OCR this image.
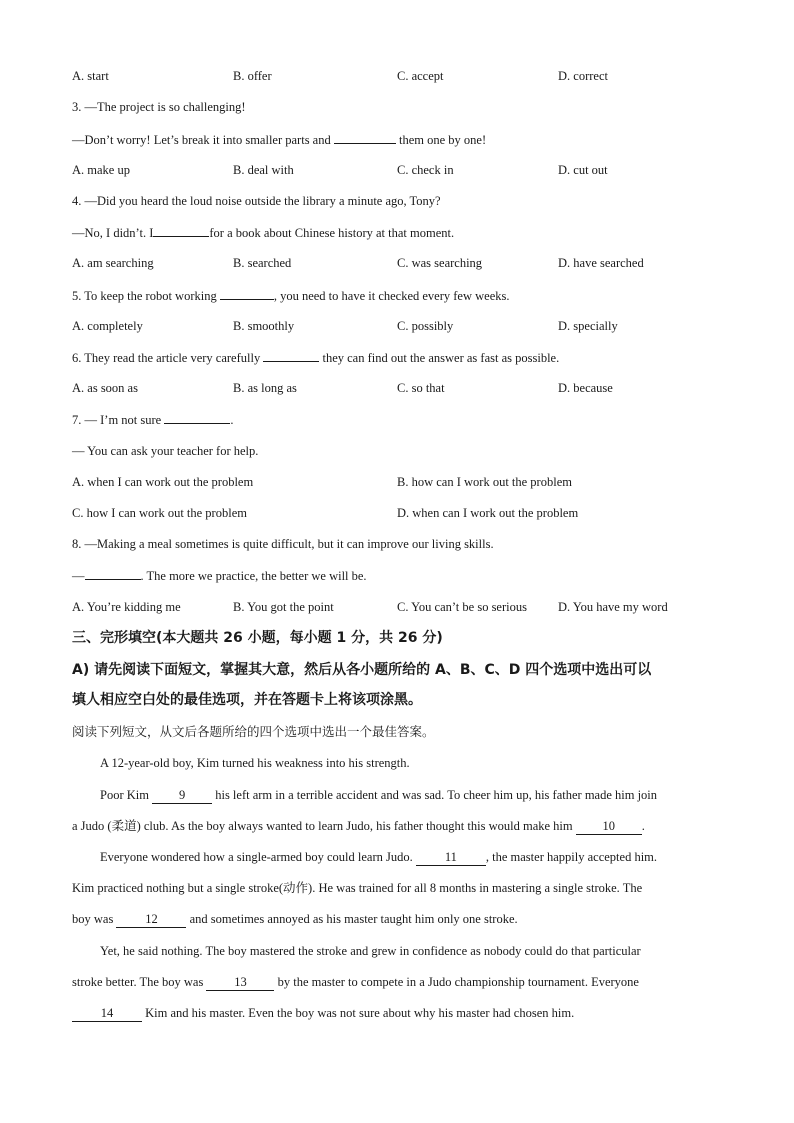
A. start	B. offer	C. accept	D. correct
3. —The project is so challenging!
—Don’t worry! Let’s break it into smaller parts and	them one by one!
A. make up	B. deal with	C. check in	D. cut out
4. —Did you heard the loud noise outside the library a minute ago, Tony?
—No, I didn’t. I	for a book about Chinese history at that moment.
A. am searching	B. searched	C. was searching	D. have searched
5. To keep the robot working	, you need to have it checked every few weeks.
A. completely	B. smoothly	C. possibly	D. specially
6. They read the article very carefully	they can find out the answer as fast as possible.
A. as soon as	B. as long as	C. so that	D. because
7. — I’m not sure	.
— You can ask your teacher for help.
A. when I can work out the problem	B. how can I work out the problem
C. how I can work out the problem	D. when can I work out the problem
8. —Making a meal sometimes is quite difficult, but it can improve our living skills.
—	. The more we practice, the better we will be.
A. You’re kidding me	B. You got the point	C. You can’t be so serious D. You have my word
三、完形填空(本大题共 26 小题，每小题 1 分，共 26 分)
A) 请先阅读下面短文，掌握其大意，然后从各小题所给的 A、B、C、D 四个选项中选出可以
填人相应空白处的最佳选项，并在答题卡上将该项涂黑。
阅读下列短文，从文后各题所给的四个选项中选出一个最佳答案。
A 12-year-old boy, Kim turned his weakness into his strength.
Poor Kim 9 his left arm in a terrible accident and was sad. To cheer him up, his father made him join
a Judo (柔道) club. As the boy always wanted to learn Judo, his father thought this would make him 10 .
Everyone wondered how a single-armed boy could learn Judo.	11 , the master happily accepted him.
Kim practiced nothing but a single stroke(动作). He was trained for all 8 months in mastering a single stroke. The
boy was	12	and sometimes annoyed as his master taught him only one stroke.
Yet, he said nothing. The boy mastered the stroke and grew in confidence as nobody could do that particular
stroke better. The boy was 13 by the master to compete in a Judo championship tournament. Everyone
14	Kim and his master. Even the boy was not sure about why his master had chosen him.
